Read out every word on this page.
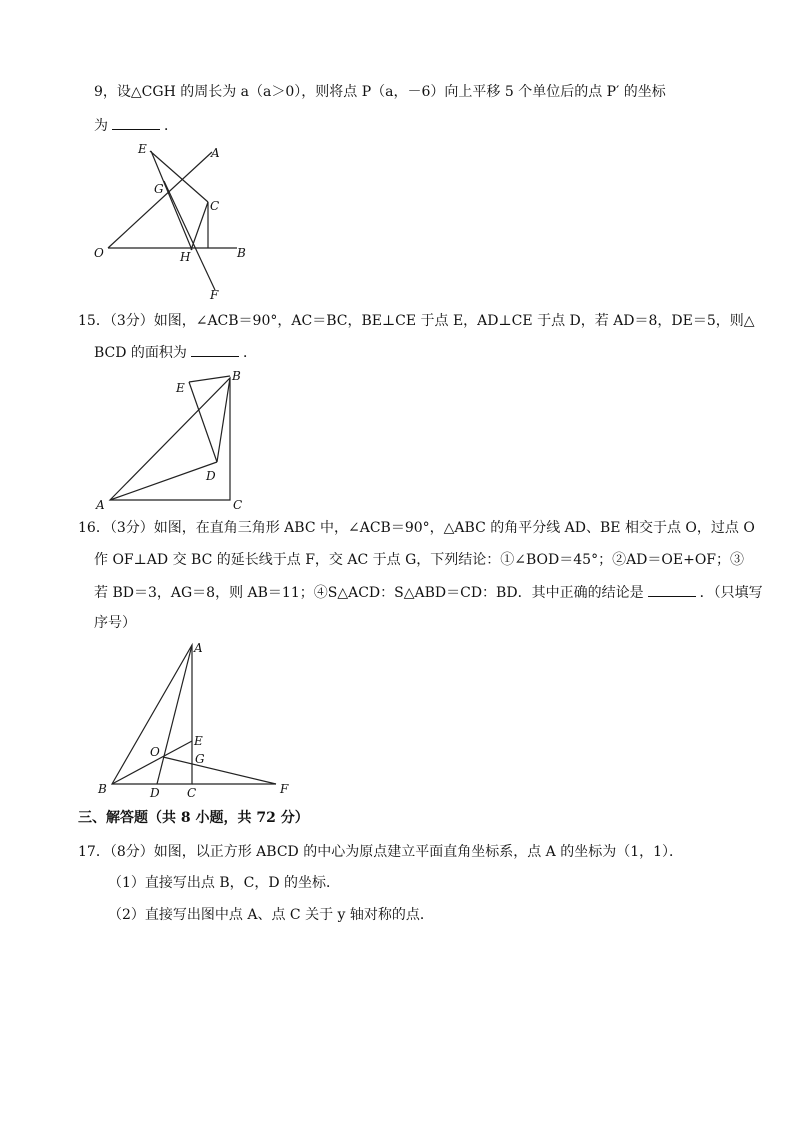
9，设△CGH 的周长为 a（a＞0），则将点 P（a，－6）向上平移 5 个单位后的点 P′ 的坐标
为	．
E	A
G
C
O	H	B
F
15．（3分）如图，∠ACB＝90°，AC＝BC，BE⊥CE 于点 E，AD⊥CE 于点 D，若 AD＝8，DE＝5，则△
BCD 的面积为	．
E
B
D
A	C
16．（3分）如图，在直角三角形 ABC 中，∠ACB＝90°，△ABC 的角平分线 AD、BE 相交于点 O，过点 O
作 OF⊥AD 交 BC 的延长线于点 F，交 AC 于点 G，下列结论：①∠BOD＝45°；②AD＝OE+OF；③
若 BD＝3，AG＝8，则 AB＝11；④S△ACD：S△ABD＝CD：BD．其中正确的结论是	．（只填写
序号）
A
E
O	G
B	D C	F
三、解答题（共 8 小题，共 72 分）
17．（8分）如图，以正方形 ABCD 的中心为原点建立平面直角坐标系，点 A 的坐标为（1，1）．
（1）直接写出点 B，C，D 的坐标．
（2）直接写出图中点 A、点 C 关于 y 轴对称的点．
